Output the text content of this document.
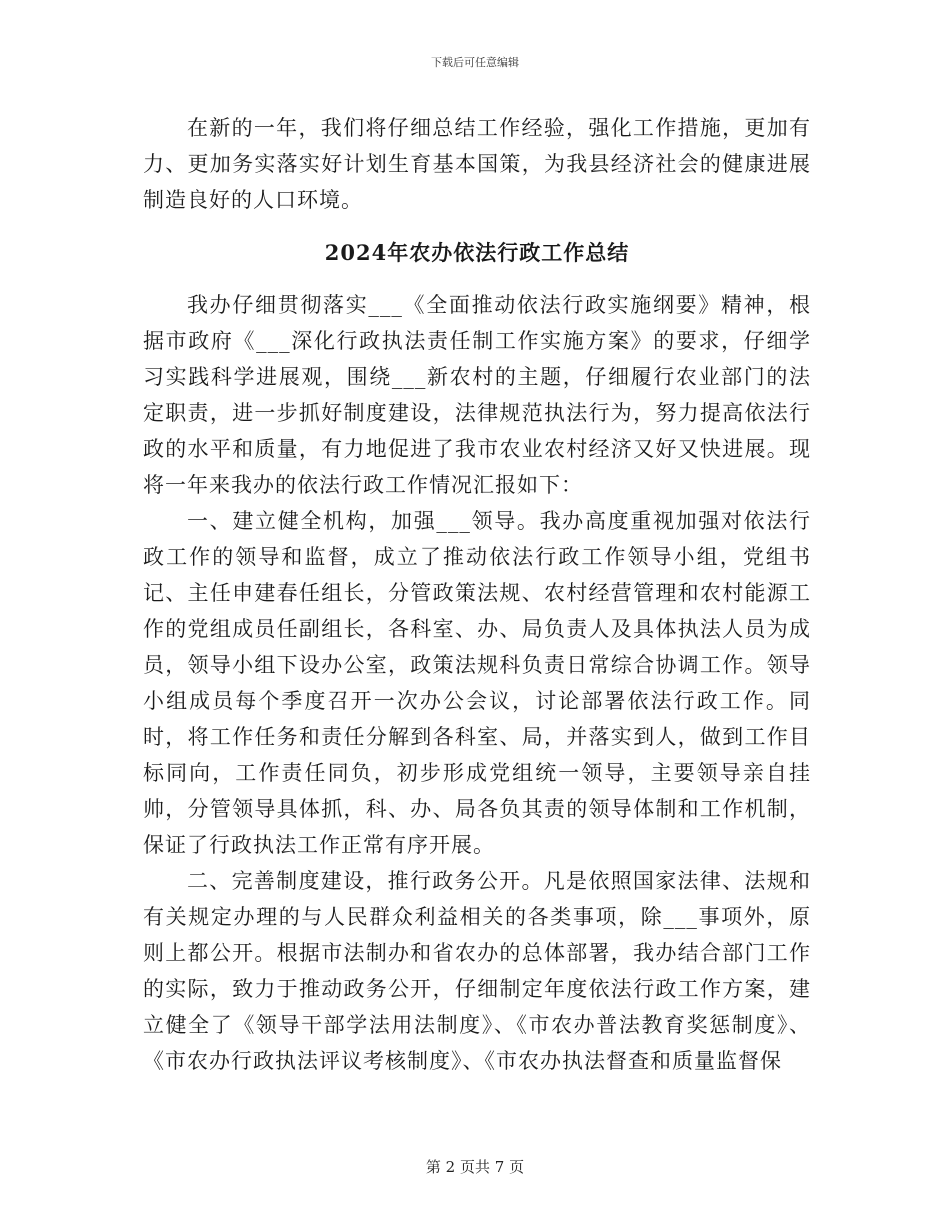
下载后可任意编辑

在新的一年，我们将仔细总结工作经验，强化工作措施，更加有力、更加务实落实好计划生育基本国策，为我县经济社会的健康进展制造良好的人口环境。

2024年农办依法行政工作总结

我办仔细贯彻落实___《全面推动依法行政实施纲要》精神，根据市政府《___深化行政执法责任制工作实施方案》的要求，仔细学习实践科学进展观，围绕___新农村的主题，仔细履行农业部门的法定职责，进一步抓好制度建设，法律规范执法行为，努力提高依法行政的水平和质量，有力地促进了我市农业农村经济又好又快进展。现将一年来我办的依法行政工作情况汇报如下：

一、建立健全机构，加强___领导。我办高度重视加强对依法行政工作的领导和监督，成立了推动依法行政工作领导小组，党组书记、主任申建春任组长，分管政策法规、农村经营管理和农村能源工作的党组成员任副组长，各科室、办、局负责人及具体执法人员为成员，领导小组下设办公室，政策法规科负责日常综合协调工作。领导小组成员每个季度召开一次办公会议，讨论部署依法行政工作。同时，将工作任务和责任分解到各科室、局，并落实到人，做到工作目标同向，工作责任同负，初步形成党组统一领导，主要领导亲自挂帅，分管领导具体抓，科、办、局各负其责的领导体制和工作机制，保证了行政执法工作正常有序开展。

二、完善制度建设，推行政务公开。凡是依照国家法律、法规和有关规定办理的与人民群众利益相关的各类事项，除___事项外，原则上都公开。根据市法制办和省农办的总体部署，我办结合部门工作的实际，致力于推动政务公开，仔细制定年度依法行政工作方案，建立健全了《领导干部学法用法制度》、《市农办普法教育奖惩制度》、《市农办行政执法评议考核制度》、《市农办执法督查和质量监督保

第 2 页共 7 页
